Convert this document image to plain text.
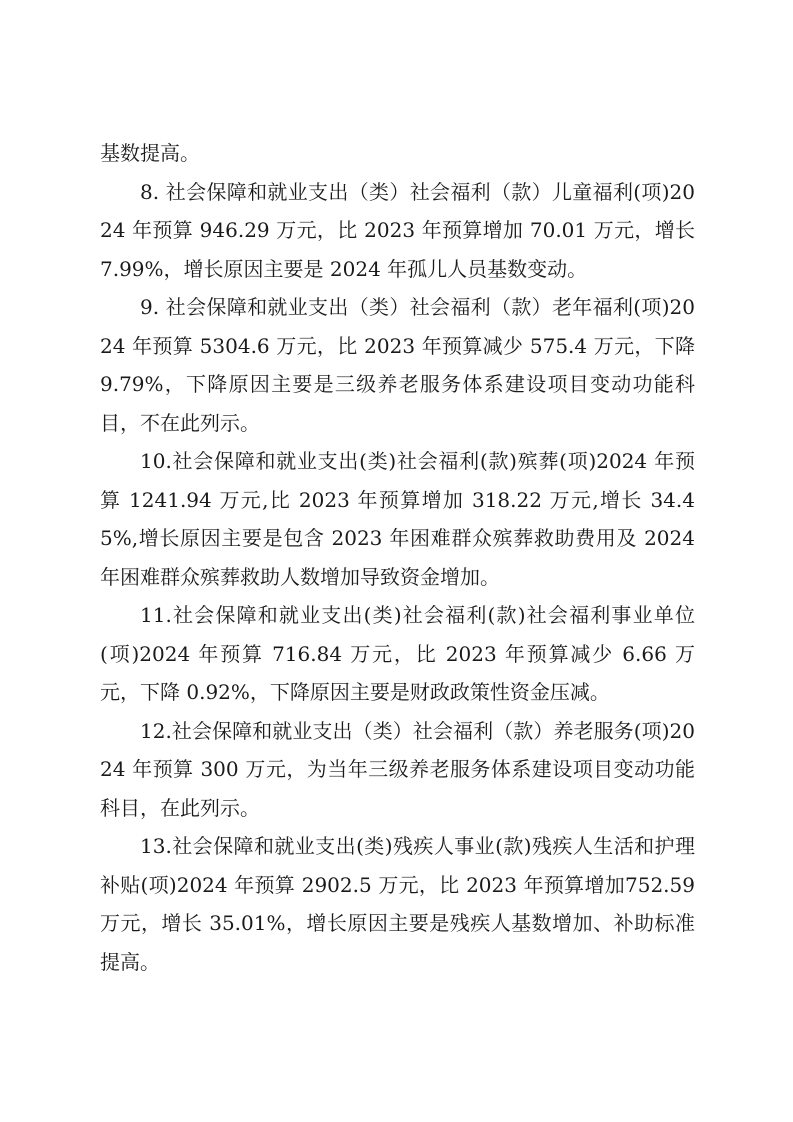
基数提高。

8. 社会保障和就业支出（类）社会福利（款）儿童福利(项)2024 年预算 946.29 万元，比 2023 年预算增加 70.01 万元，增长 7.99%，增长原因主要是 2024 年孤儿人员基数变动。

9. 社会保障和就业支出（类）社会福利（款）老年福利(项)2024 年预算 5304.6 万元，比 2023 年预算减少 575.4 万元，下降 9.79%，下降原因主要是三级养老服务体系建设项目变动功能科目，不在此列示。

10.社会保障和就业支出(类)社会福利(款)殡葬(项)2024 年预算 1241.94 万元,比 2023 年预算增加 318.22 万元,增长 34.45%,增长原因主要是包含 2023 年困难群众殡葬救助费用及 2024 年困难群众殡葬救助人数增加导致资金增加。

11.社会保障和就业支出(类)社会福利(款)社会福利事业单位(项)2024 年预算 716.84 万元，比 2023 年预算减少 6.66 万元，下降 0.92%，下降原因主要是财政政策性资金压减。

12.社会保障和就业支出（类）社会福利（款）养老服务(项)2024 年预算 300 万元，为当年三级养老服务体系建设项目变动功能科目，在此列示。

13.社会保障和就业支出(类)残疾人事业(款)残疾人生活和护理补贴(项)2024 年预算 2902.5 万元，比 2023 年预算增加752.59 万元，增长 35.01%，增长原因主要是残疾人基数增加、补助标准提高。
